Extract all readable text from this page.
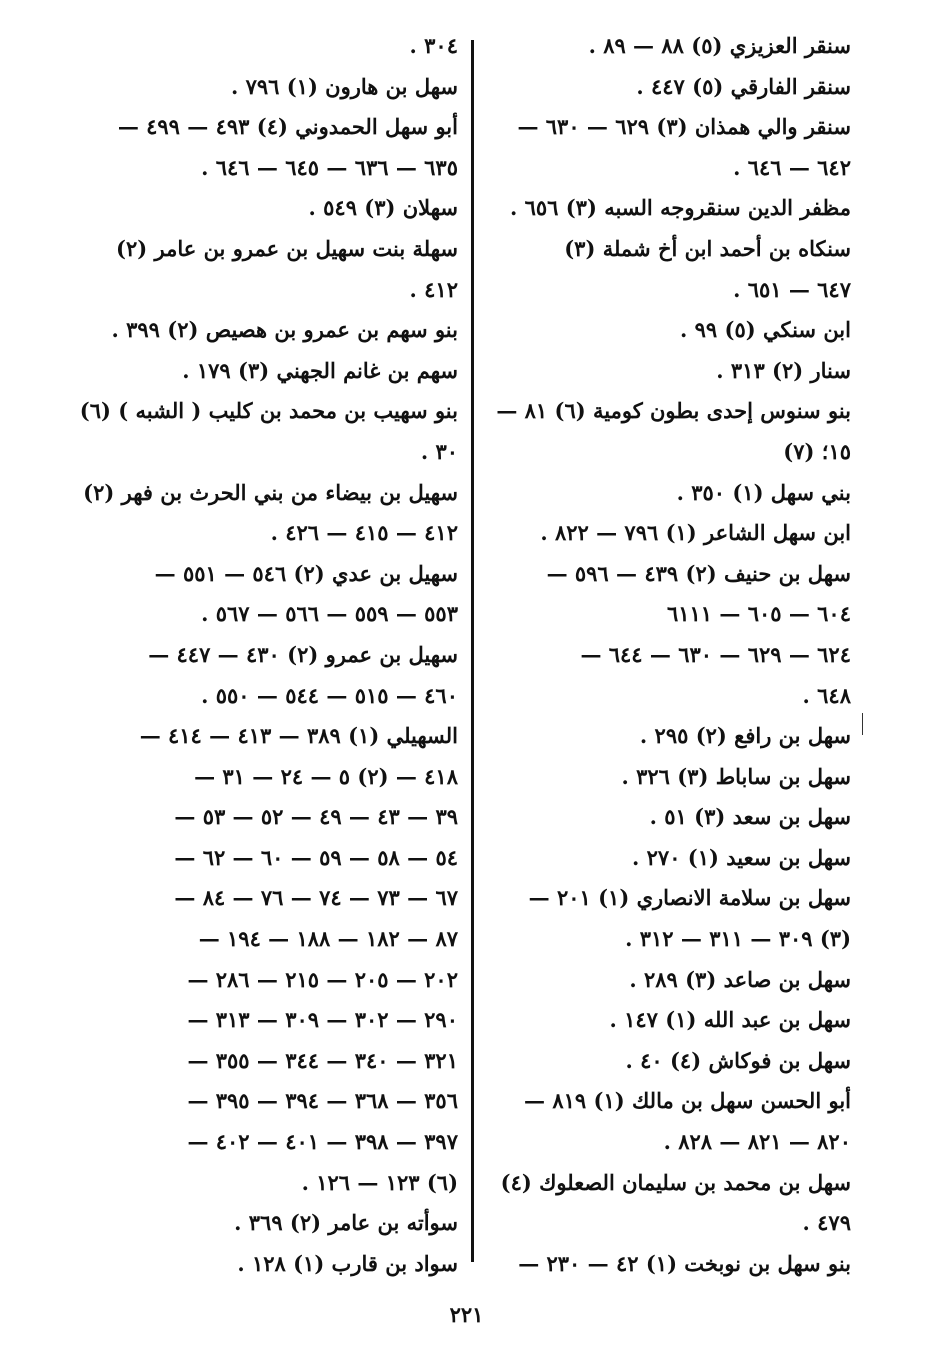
سنقر العزيزي (٥) ٨٨ — ٨٩ .
سنقر الفارقي (٥) ٤٤٧ .
سنقر والي همذان (٣) ٦٢٩ — ٦٣٠ —
٦٤٢ — ٦٤٦ .
مظفر الدين سنقروجه السبه (٣) ٦٥٦ .
سنكاه بن أحمد ابن أخ شملة (٣)
٦٤٧ — ٦٥١ .
ابن سنكي (٥) ٩٩ .
سنار (٢) ٣١٣ .
بنو سنوس إحدى بطون كومية (٦) ٨١ —
١٥؛ (٧)
بني سهل (١) ٣٥٠ .
ابن سهل الشاعر (١) ٧٩٦ — ٨٢٢ .
سهل بن حنيف (٢) ٤٣٩ — ٥٩٦ —
٦٠٤ — ٦٠٥ — ٦١١١
٦٢٤ — ٦٢٩ — ٦٣٠ — ٦٤٤ —
٦٤٨ .
سهل بن رافع (٢) ٢٩٥ .
سهل بن ساباط (٣) ٣٢٦ .
سهل بن سعد (٣) ٥١ .
سهل بن سعيد (١) ٢٧٠ .
سهل بن سلامة الانصاري (١) ٢٠١ —
(٣) ٣٠٩ — ٣١١ — ٣١٢ .
سهل بن صاعد (٣) ٢٨٩ .
سهل بن عبد الله (١) ١٤٧ .
سهل بن فوكاش (٤) ٤٠ .
أبو الحسن سهل بن مالك (١) ٨١٩ —
٨٢٠ — ٨٢١ — ٨٢٨ .
سهل بن محمد بن سليمان الصعلوك (٤)
٤٧٩ .
بنو سهل بن نوبخت (١) ٤٢ — ٢٣٠ —
٣٠٤ .
سهل بن هارون (١) ٧٩٦ .
أبو سهل الحمدوني (٤) ٤٩٣ — ٤٩٩ —
٦٣٥ — ٦٣٦ — ٦٤٥ — ٦٤٦ .
سهلان (٣) ٥٤٩ .
سهلة بنت سهيل بن عمرو بن عامر (٢)
٤١٢ .
بنو سهم بن عمرو بن هصيص (٢) ٣٩٩ .
سهم بن غانم الجهني (٣) ١٧٩ .
بنو سهيب بن محمد بن كليب ( الشبه ) (٦)
٣٠ .
سهيل بن بيضاء من بني الحرث بن فهر (٢)
٤١٢ — ٤١٥ — ٤٢٦ .
سهيل بن عدي (٢) ٥٤٦ — ٥٥١ —
٥٥٣ — ٥٥٩ — ٥٦٦ — ٥٦٧ .
سهيل بن عمرو (٢) ٤٣٠ — ٤٤٧ —
٤٦٠ — ٥١٥ — ٥٤٤ — ٥٥٠ .
السهيلي (١) ٣٨٩ — ٤١٣ — ٤١٤ —
٤١٨ — (٢) ٥ — ٢٤ — ٣١ —
٣٩ — ٤٣ — ٤٩ — ٥٢ — ٥٣ —
٥٤ — ٥٨ — ٥٩ — ٦٠ — ٦٢ —
٦٧ — ٧٣ — ٧٤ — ٧٦ — ٨٤ —
٨٧ — ١٨٢ — ١٨٨ — ١٩٤ —
٢٠٢ — ٢٠٥ — ٢١٥ — ٢٨٦ —
٢٩٠ — ٣٠٢ — ٣٠٩ — ٣١٣ —
٣٢١ — ٣٤٠ — ٣٤٤ — ٣٥٥ —
٣٥٦ — ٣٦٨ — ٣٩٤ — ٣٩٥ —
٣٩٧ — ٣٩٨ — ٤٠١ — ٤٠٢ —
(٦) ١٢٣ — ١٢٦ .
سوأته بن عامر (٢) ٣٦٩ .
سواد بن قارب (١) ١٢٨ .
٢٢١
